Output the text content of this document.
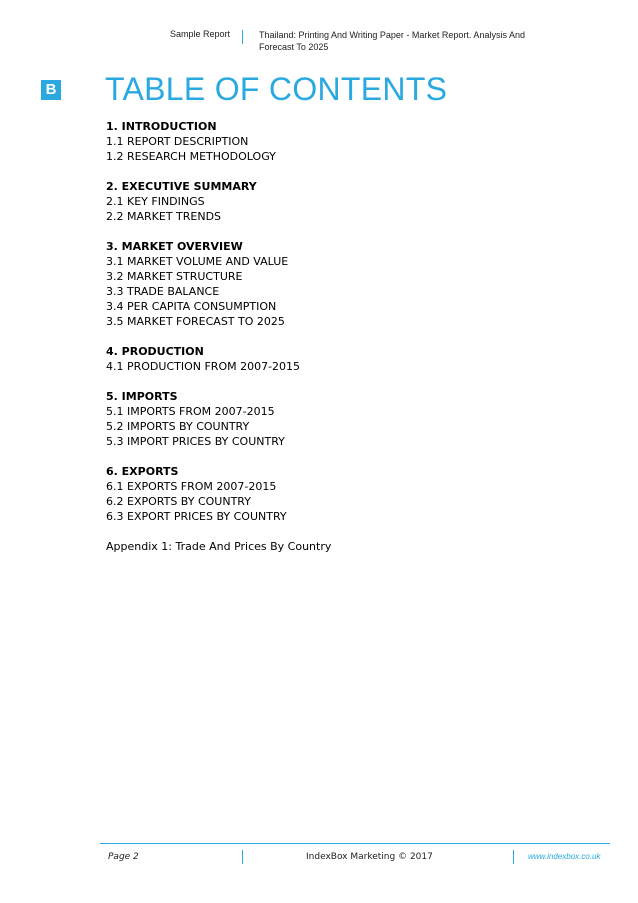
Sample Report	Thailand: Printing And Writing Paper - Market Report. Analysis And Forecast To 2025
B TABLE OF CONTENTS
1. INTRODUCTION
1.1 REPORT DESCRIPTION
1.2 RESEARCH METHODOLOGY
2. EXECUTIVE SUMMARY
2.1 KEY FINDINGS
2.2 MARKET TRENDS
3. MARKET OVERVIEW
3.1 MARKET VOLUME AND VALUE
3.2 MARKET STRUCTURE
3.3 TRADE BALANCE
3.4 PER CAPITA CONSUMPTION
3.5 MARKET FORECAST TO 2025
4. PRODUCTION
4.1 PRODUCTION FROM 2007-2015
5. IMPORTS
5.1 IMPORTS FROM 2007-2015
5.2 IMPORTS BY COUNTRY
5.3 IMPORT PRICES BY COUNTRY
6. EXPORTS
6.1 EXPORTS FROM 2007-2015
6.2 EXPORTS BY COUNTRY
6.3 EXPORT PRICES BY COUNTRY
Appendix 1: Trade And Prices By Country
Page 2	IndexBox Marketing © 2017	www.indexbox.co.uk
